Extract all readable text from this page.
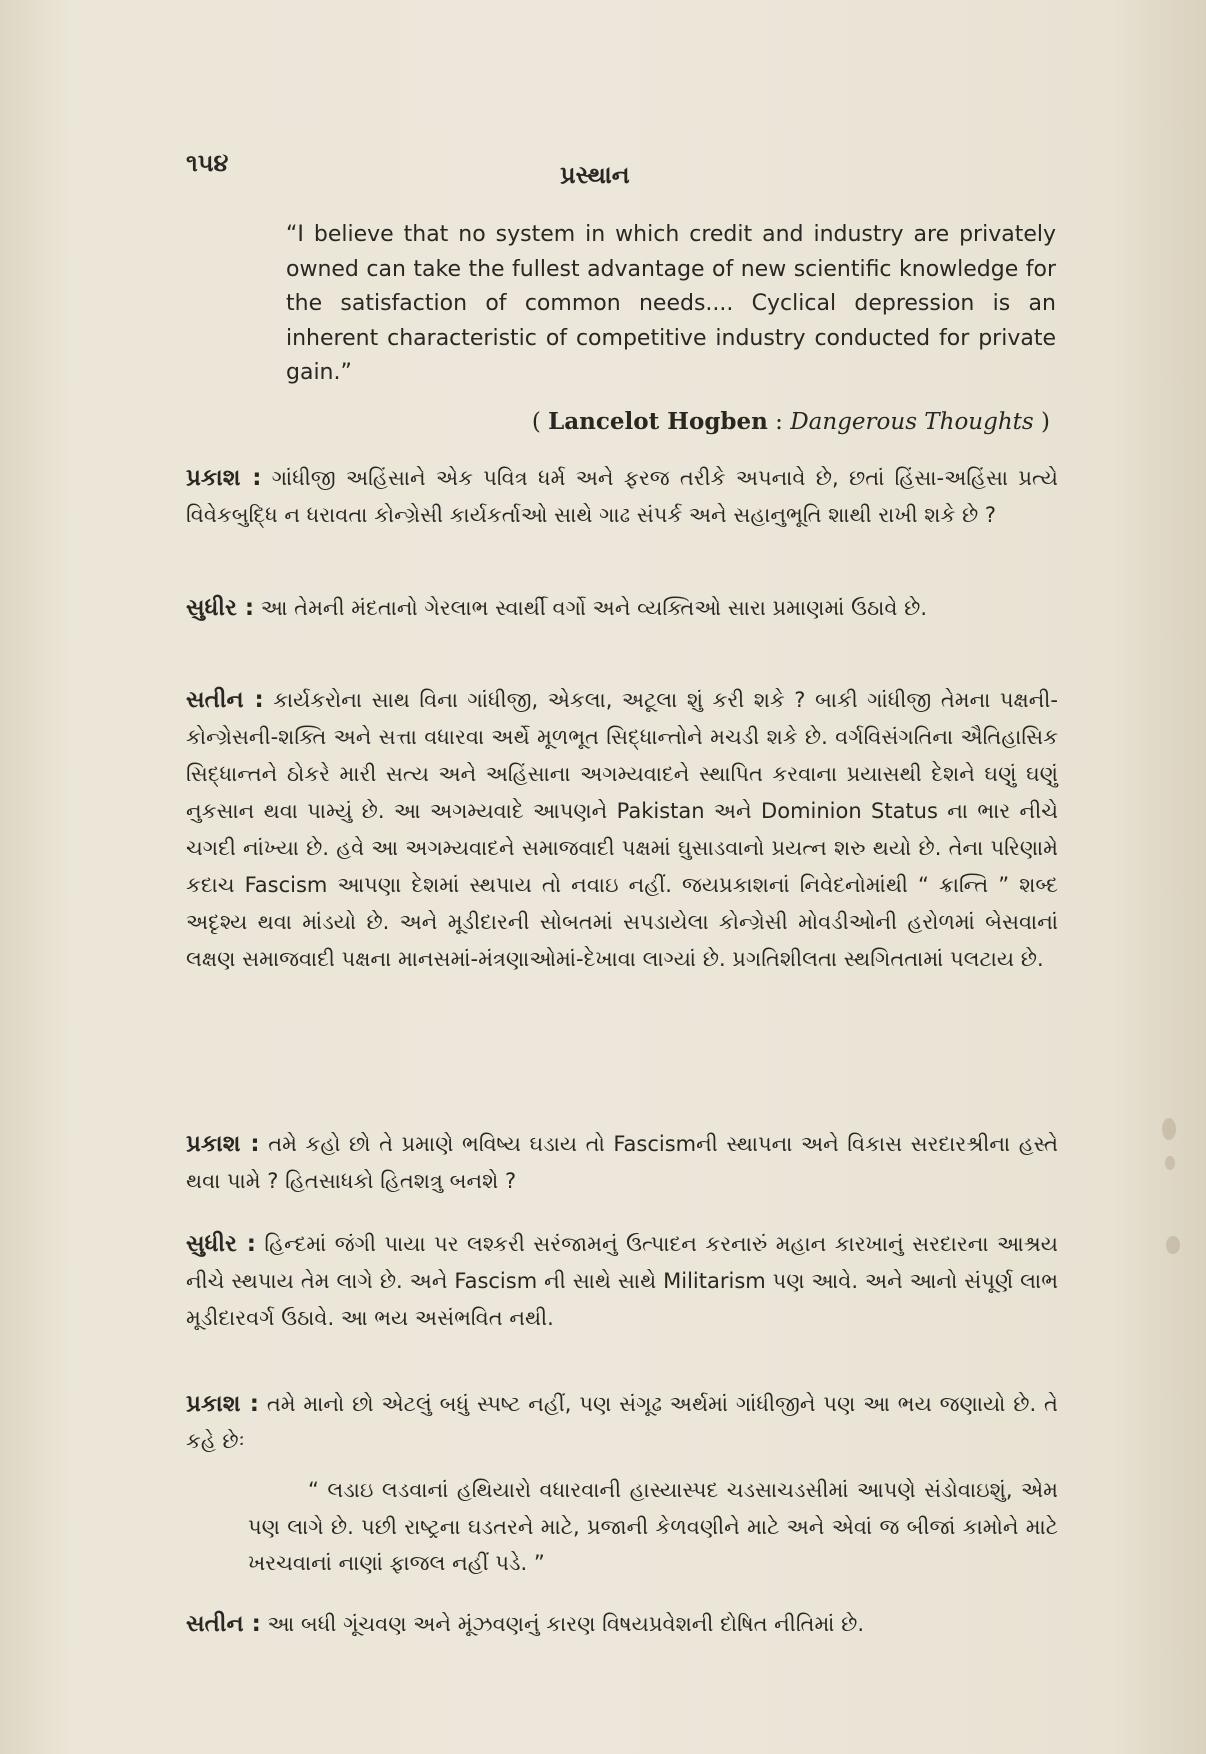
૧૫૪	પ્રસ્થાન
“I believe that no system in which credit and industry are privately owned can take the fullest advantage of new scientific knowledge for the satisfaction of common needs.... Cyclical depression is an inherent characteristic of competitive industry conducted for private gain.”
( Lancelot Hogben : Dangerous Thoughts )
પ્રકાશ : ગાંધીજી અહિંસાને એક પવિત્ર ધર્મ અને ફરજ તરીકે અપનાવે છે, છતાં હિંસા-અહિંસા પ્રત્યે વિવેકબુદ્ધિ ન ધરાવતા કોન્ગ્રેસી કાર્યકર્તાઓ સાથે ગાઢ સંપર્ક અને સહાનુભૂતિ શાથી રાખી શકે છે ?
સુધીર : આ તેમની મંદતાનો ગેરલાભ સ્વાર્થી વર્ગો અને વ્યક્તિઓ સારા પ્રમાણમાં ઉઠાવે છે.
સતીન : કાર્યકરોના સાથ વિના ગાંધીજી, એકલા, અટૂલા શું કરી શકે ? બાકી ગાંધીજી તેમના પક્ષની-કોન્ગ્રેસની-શક્તિ અને સત્તા વધારવા અર્થે મૂળભૂત સિદ્ધાન્તોને મચડી શકે છે. વર્ગવિસંગતિના ઐતિહાસિક સિદ્ધાન્તને ઠોકરે મારી સત્ય અને અહિંસાના અગમ્યવાદને સ્થાપિત કરવાના પ્રયાસથી દેશને ઘણું ઘણું નુકસાન થવા પામ્યું છે. આ અગમ્યવાદે આપણને Pakistan અને Dominion Status ના ભાર નીચે ચગદી નાંખ્યા છે. હવે આ અગમ્યવાદને સમાજવાદી પક્ષમાં ઘુસાડવાનો પ્રયત્ન શરુ થયો છે. તેના પરિણામે કદાચ Fascism આપણા દેશમાં સ્થપાય તો નવાઇ નહીં. જયપ્રકાશનાં નિવેદનોમાંથી “ ક્રાન્તિ ” શબ્દ અદૃશ્ય થવા માંડયો છે. અને મૂડીદારની સોબતમાં સપડાયેલા કોન્ગ્રેસી મોવડીઓની હરોળમાં બેસવાનાં લક્ષણ સમાજવાદી પક્ષના માનસમાં-મંત્રણાઓમાં-દેખાવા લાગ્યાં છે. પ્રગતિશીલતા સ્થગિતતામાં પલટાય છે.
પ્રકાશ : તમે કહો છો તે પ્રમાણે ભવિષ્ય ઘડાય તો Fascismની સ્થાપના અને વિકાસ સરદારશ્રીના હસ્તે થવા પામે ? હિતસાધકો હિતશત્રુ બનશે ?
સુધીર : હિન્દમાં જંગી પાયા પર લશ્કરી સરંજામનું ઉત્પાદન કરનારું મહાન કારખાનું સરદારના આશ્રય નીચે સ્થપાય તેમ લાગે છે. અને Fascism ની સાથે સાથે Militarism પણ આવે. અને આનો સંપૂર્ણ લાભ મૂડીદારવર્ગ ઉઠાવે. આ ભય અસંભવિત નથી.
પ્રકાશ : તમે માનો છો એટલું બધું સ્પષ્ટ નહીં, પણ સંગૂઢ અર્થમાં ગાંધીજીને પણ આ ભય જણાયો છે. તે કહે છેઃ
“ લડાઇ લડવાનાં હથિયારો વધારવાની હાસ્યાસ્પદ ચડસાચડસીમાં આપણે સંડોવાઇશું, એમ પણ લાગે છે. પછી રાષ્ટ્રના ઘડતરને માટે, પ્રજાની કેળવણીને માટે અને એવાં જ બીજાં કામોને માટે ખરચવાનાં નાણાં ફાજલ નહીં પડે. ”
સતીન : આ બધી ગૂંચવણ અને મૂંઝવણનું કારણ વિષયપ્રવેશની દોષિત નીતિમાં છે.
